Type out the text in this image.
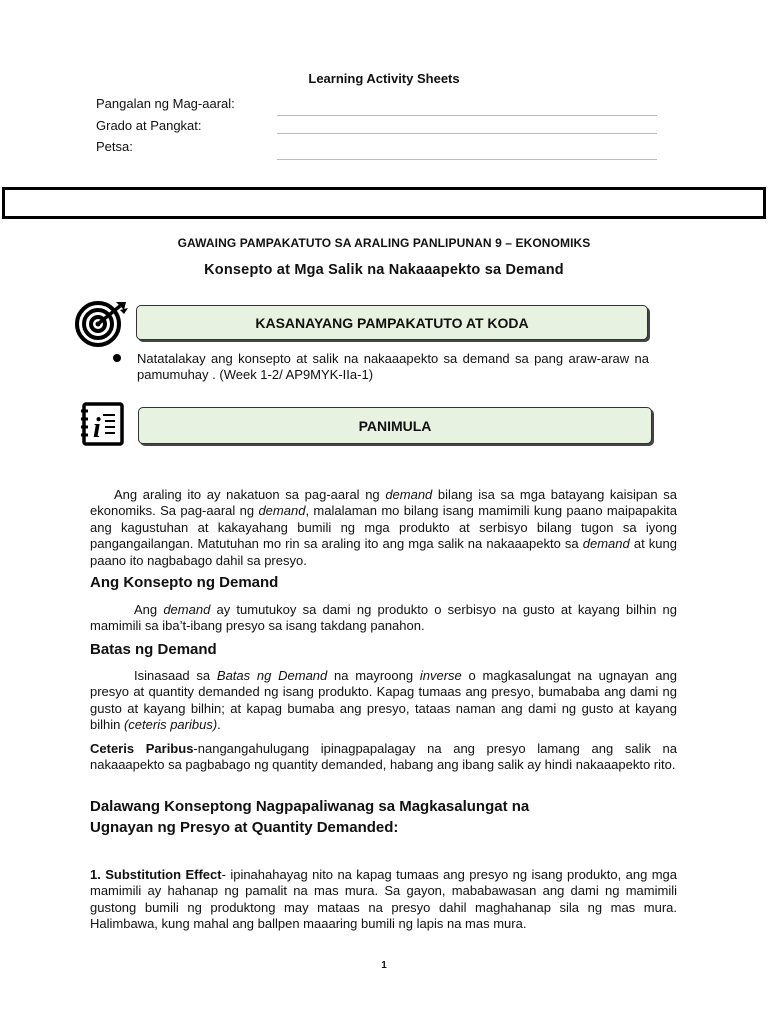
Learning Activity Sheets
Pangalan ng Mag-aaral:
Grado at Pangkat:
Petsa:
GAWAING PAMPAKATUTO SA ARALING PANLIPUNAN 9 – EKONOMIKS
Konsepto at Mga Salik na Nakaaapekto sa Demand
KASANAYANG PAMPAKATUTO AT KODA
Natatalakay ang konsepto at salik na nakaaapekto sa demand sa pang araw-araw na pamumuhay . (Week 1-2/ AP9MYK-IIa-1)
i	PANIMULA
Ang araling ito ay nakatuon sa pag-aaral ng demand bilang isa sa mga batayang kaisipan sa ekonomiks. Sa pag-aaral ng demand, malalaman mo bilang isang mamimili kung paano maipapakita ang kagustuhan at kakayahang bumili ng mga produkto at serbisyo bilang tugon sa iyong pangangailangan. Matutuhan mo rin sa araling ito ang mga salik na nakaaapekto sa demand at kung paano ito nagbabago dahil sa presyo.
Ang Konsepto ng Demand
Ang demand ay tumutukoy sa dami ng produkto o serbisyo na gusto at kayang bilhin ng mamimili sa iba’t-ibang presyo sa isang takdang panahon.
Batas ng Demand
Isinasaad sa Batas ng Demand na mayroong inverse o magkasalungat na ugnayan ang presyo at quantity demanded ng isang produkto. Kapag tumaas ang presyo, bumababa ang dami ng gusto at kayang bilhin; at kapag bumaba ang presyo, tataas naman ang dami ng gusto at kayang bilhin (ceteris paribus).
Ceteris Paribus-nangangahulugang ipinagpapalagay na ang presyo lamang ang salik na nakaaapekto sa pagbabago ng quantity demanded, habang ang ibang salik ay hindi nakaaapekto rito.
Dalawang Konseptong Nagpapaliwanag sa Magkasalungat na
Ugnayan ng Presyo at Quantity Demanded:
1. Substitution Effect- ipinahahayag nito na kapag tumaas ang presyo ng isang produkto, ang mga mamimili ay hahanap ng pamalit na mas mura. Sa gayon, mababawasan ang dami ng mamimili gustong bumili ng produktong may mataas na presyo dahil maghahanap sila ng mas mura. Halimbawa, kung mahal ang ballpen maaaring bumili ng lapis na mas mura.
1
